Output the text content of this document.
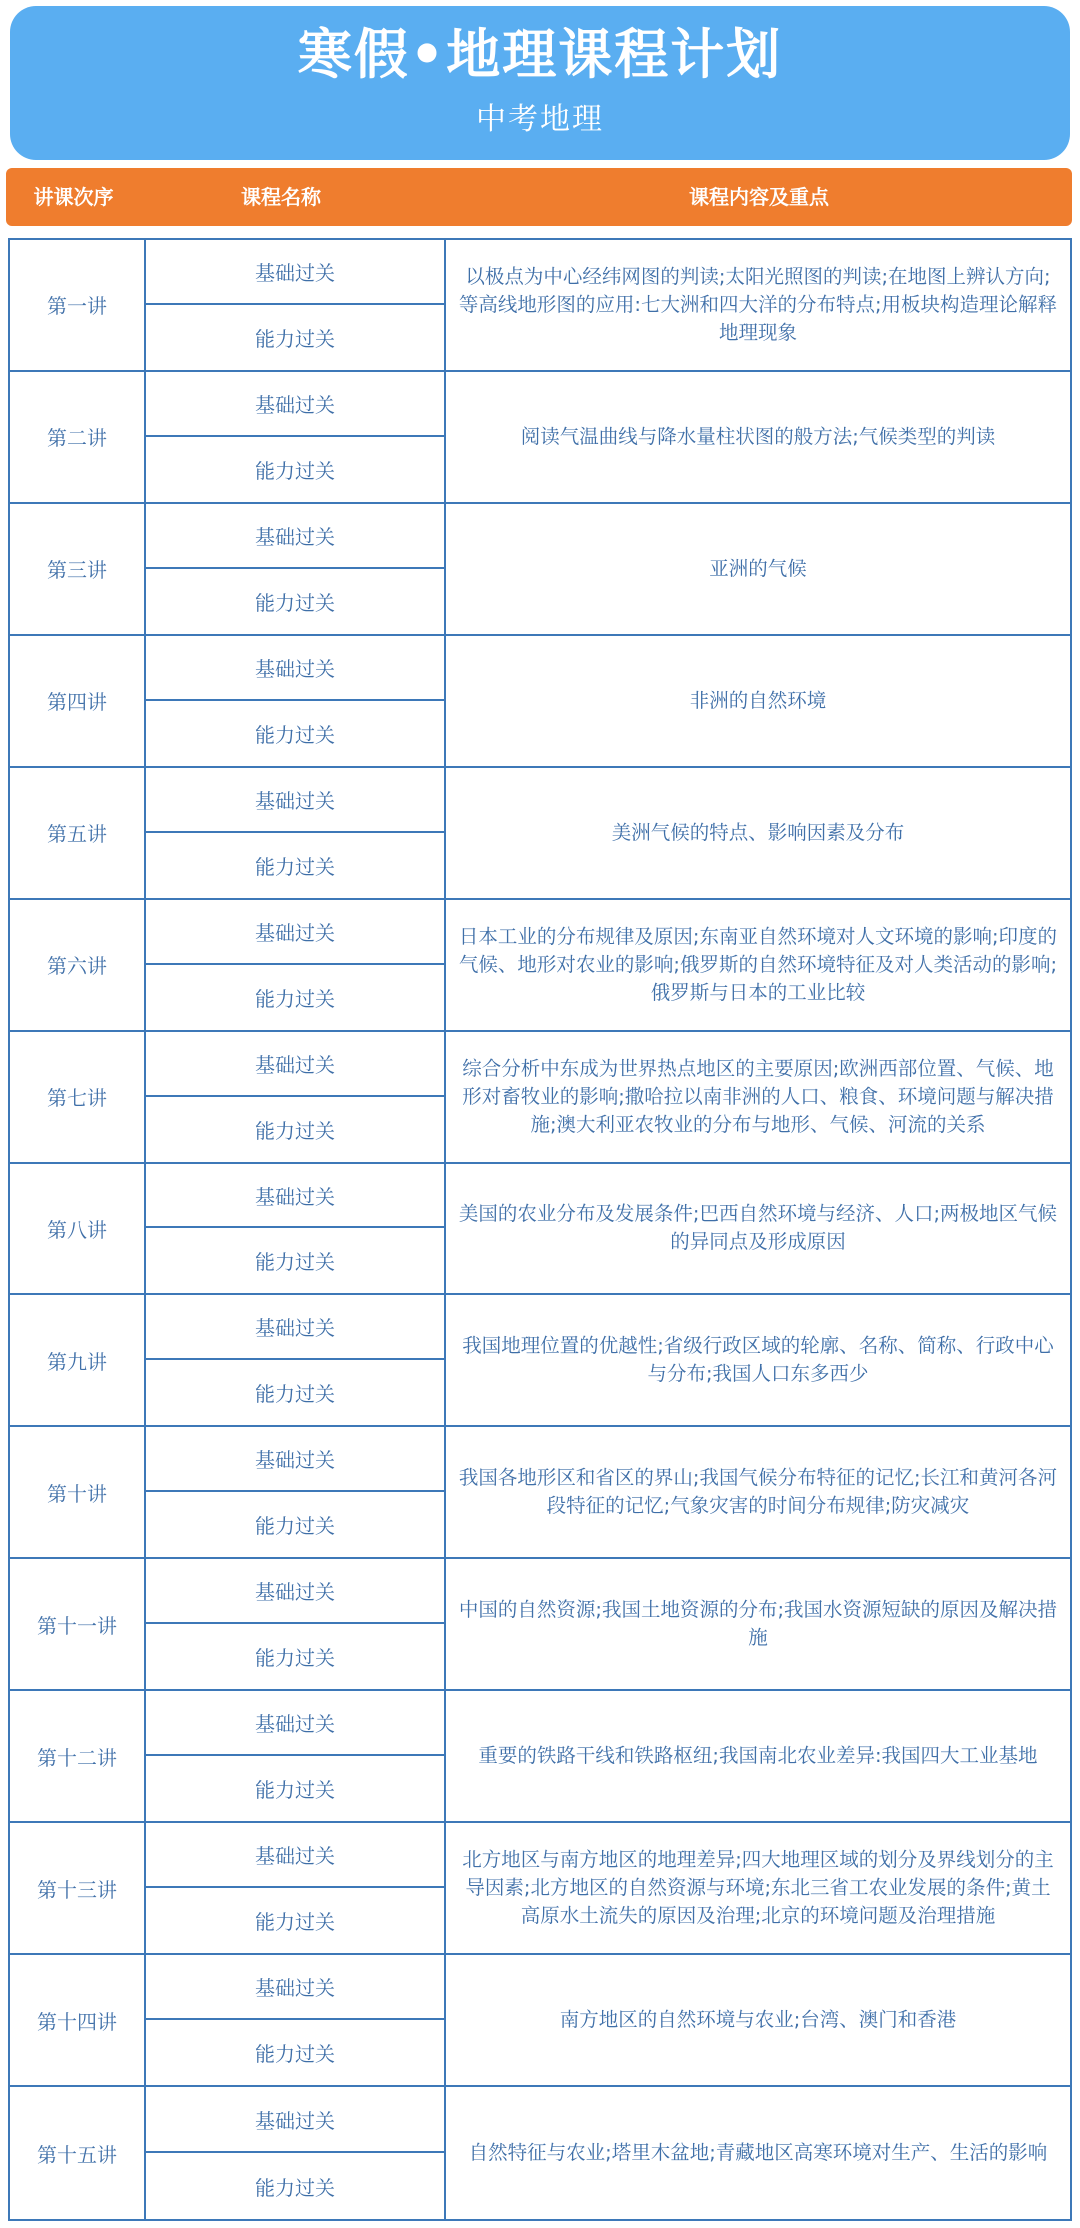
寒假•地理课程计划
中考地理
讲课次序	课程名称	课程内容及重点
第一讲
基础过关
能力过关
以极点为中心经纬网图的判读;太阳光照图的判读;在地图上辨认方向;等高线地形图的应用:七大洲和四大洋的分布特点;用板块构造理论解释地理现象
第二讲
基础过关
能力过关
阅读气温曲线与降水量柱状图的般方法;气候类型的判读
第三讲
基础过关
能力过关
亚洲的气候
第四讲
基础过关
能力过关
非洲的自然环境
第五讲
基础过关
能力过关
美洲气候的特点、影响因素及分布
第六讲
基础过关
能力过关
日本工业的分布规律及原因;东南亚自然环境对人文环境的影响;印度的气候、地形对农业的影响;俄罗斯的自然环境特征及对人类活动的影响;俄罗斯与日本的工业比较
第七讲
基础过关
能力过关
综合分析中东成为世界热点地区的主要原因;欧洲西部位置、气候、地形对畜牧业的影响;撒哈拉以南非洲的人口、粮食、环境问题与解决措施;澳大利亚农牧业的分布与地形、气候、河流的关系
第八讲
基础过关
能力过关
美国的农业分布及发展条件;巴西自然环境与经济、人口;两极地区气候的异同点及形成原因
第九讲
基础过关
能力过关
我国地理位置的优越性;省级行政区域的轮廓、名称、简称、行政中心与分布;我国人口东多西少
第十讲
基础过关
能力过关
我国各地形区和省区的界山;我国气候分布特征的记忆;长江和黄河各河段特征的记忆;气象灾害的时间分布规律;防灾减灾
第十一讲
基础过关
能力过关
中国的自然资源;我国土地资源的分布;我国水资源短缺的原因及解决措施
第十二讲
基础过关
能力过关
重要的铁路干线和铁路枢纽;我国南北农业差异:我国四大工业基地
第十三讲
基础过关
能力过关
北方地区与南方地区的地理差异;四大地理区域的划分及界线划分的主导因素;北方地区的自然资源与环境;东北三省工农业发展的条件;黄土高原水土流失的原因及治理;北京的环境问题及治理措施
第十四讲
基础过关
能力过关
南方地区的自然环境与农业;台湾、澳门和香港
第十五讲
基础过关
能力过关
自然特征与农业;塔里木盆地;青藏地区高寒环境对生产、生活的影响
